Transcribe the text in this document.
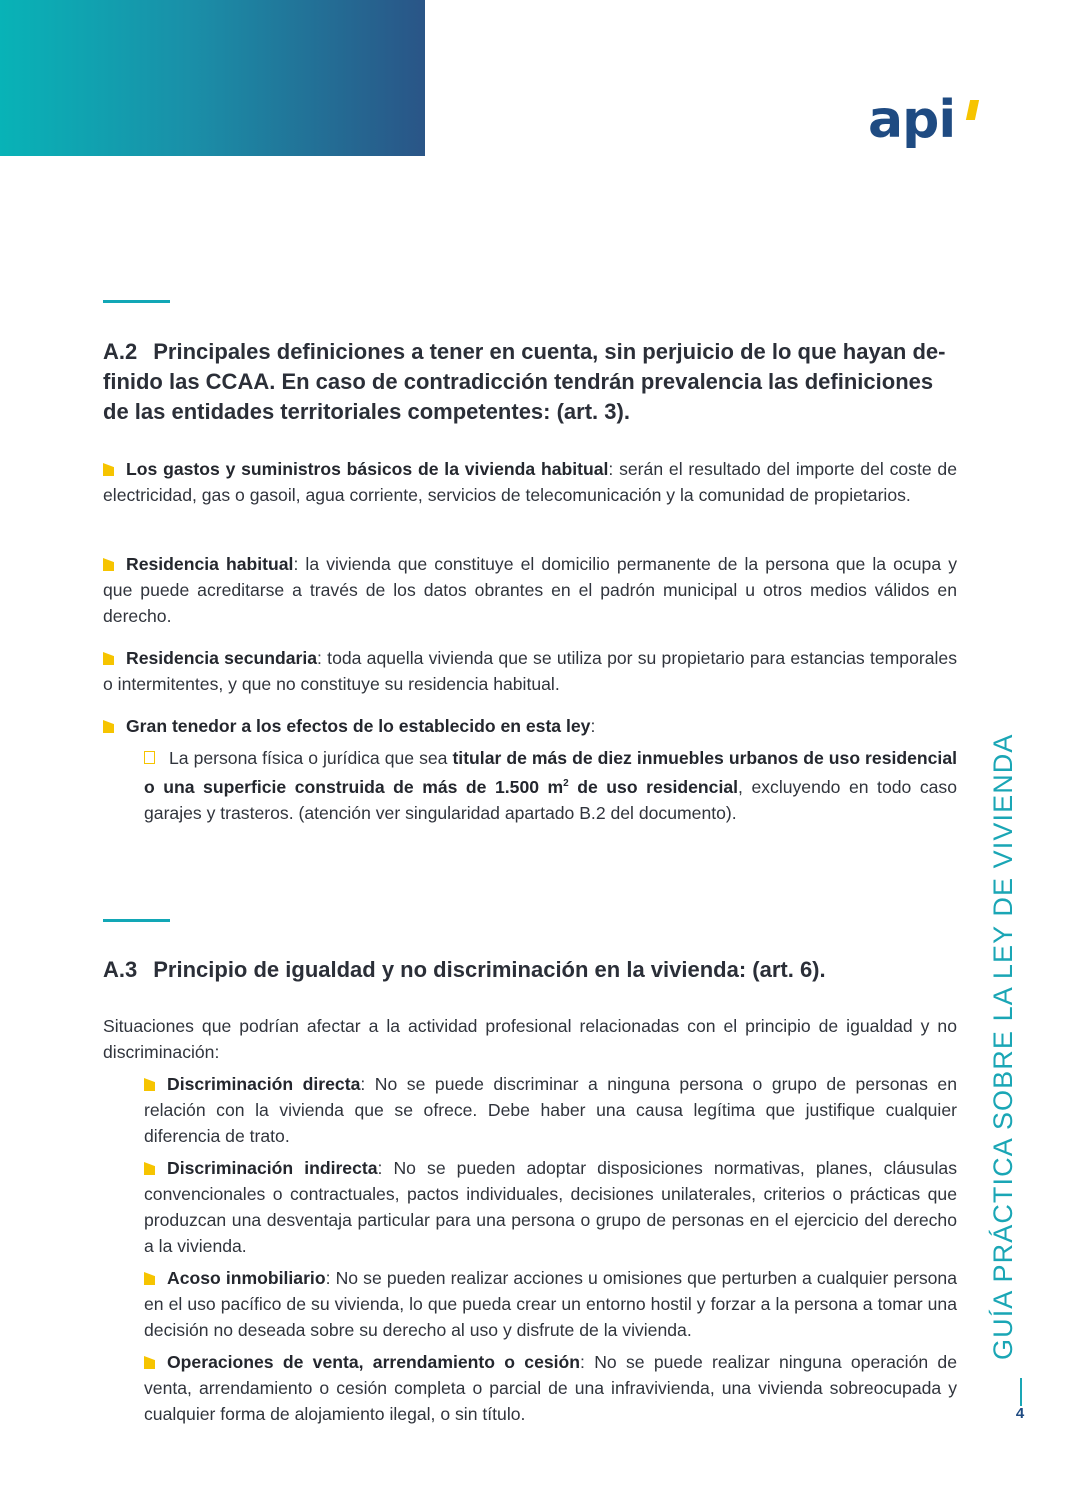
api
A.2 Principales definiciones a tener en cuenta, sin perjuicio de lo que hayan definido las CCAA. En caso de contradicción tendrán prevalencia las definiciones de las entidades territoriales competentes: (art. 3).

Los gastos y suministros básicos de la vivienda habitual: serán el resultado del importe del coste de electricidad, gas o gasoil, agua corriente, servicios de telecomunicación y la comunidad de propietarios.

Residencia habitual: la vivienda que constituye el domicilio permanente de la persona que la ocupa y que puede acreditarse a través de los datos obrantes en el padrón municipal u otros medios válidos en derecho.

Residencia secundaria: toda aquella vivienda que se utiliza por su propietario para estancias temporales o intermitentes, y que no constituye su residencia habitual.

Gran tenedor a los efectos de lo establecido en esta ley:

La persona física o jurídica que sea titular de más de diez inmuebles urbanos de uso residencial o una superficie construida de más de 1.500 $m^2$ de uso residencial, excluyendo en todo caso garajes y trasteros. (atención ver singularidad apartado B.2 del documento).

A.3 Principio de igualdad y no discriminación en la vivienda: (art. 6).

Situaciones que podrían afectar a la actividad profesional relacionadas con el principio de igualdad y no discriminación:

Discriminación directa: No se puede discriminar a ninguna persona o grupo de personas en relación con la vivienda que se ofrece. Debe haber una causa legítima que justifique cualquier diferencia de trato.

Discriminación indirecta: No se pueden adoptar disposiciones normativas, planes, cláusulas convencionales o contractuales, pactos individuales, decisiones unilaterales, criterios o prácticas que produzcan una desventaja particular para una persona o grupo de personas en el ejercicio del derecho a la vivienda.

Acoso inmobiliario: No se pueden realizar acciones u omisiones que perturben a cualquier persona en el uso pacífico de su vivienda, lo que pueda crear un entorno hostil y forzar a la persona a tomar una decisión no deseada sobre su derecho al uso y disfrute de la vivienda.

Operaciones de venta, arrendamiento o cesión: No se puede realizar ninguna operación de venta, arrendamiento o cesión completa o parcial de una infravivienda, una vivienda sobreocupada y cualquier forma de alojamiento ilegal, o sin título.

GUÍA PRÁCTICA SOBRE LA LEY DE VIVIENDA
4
